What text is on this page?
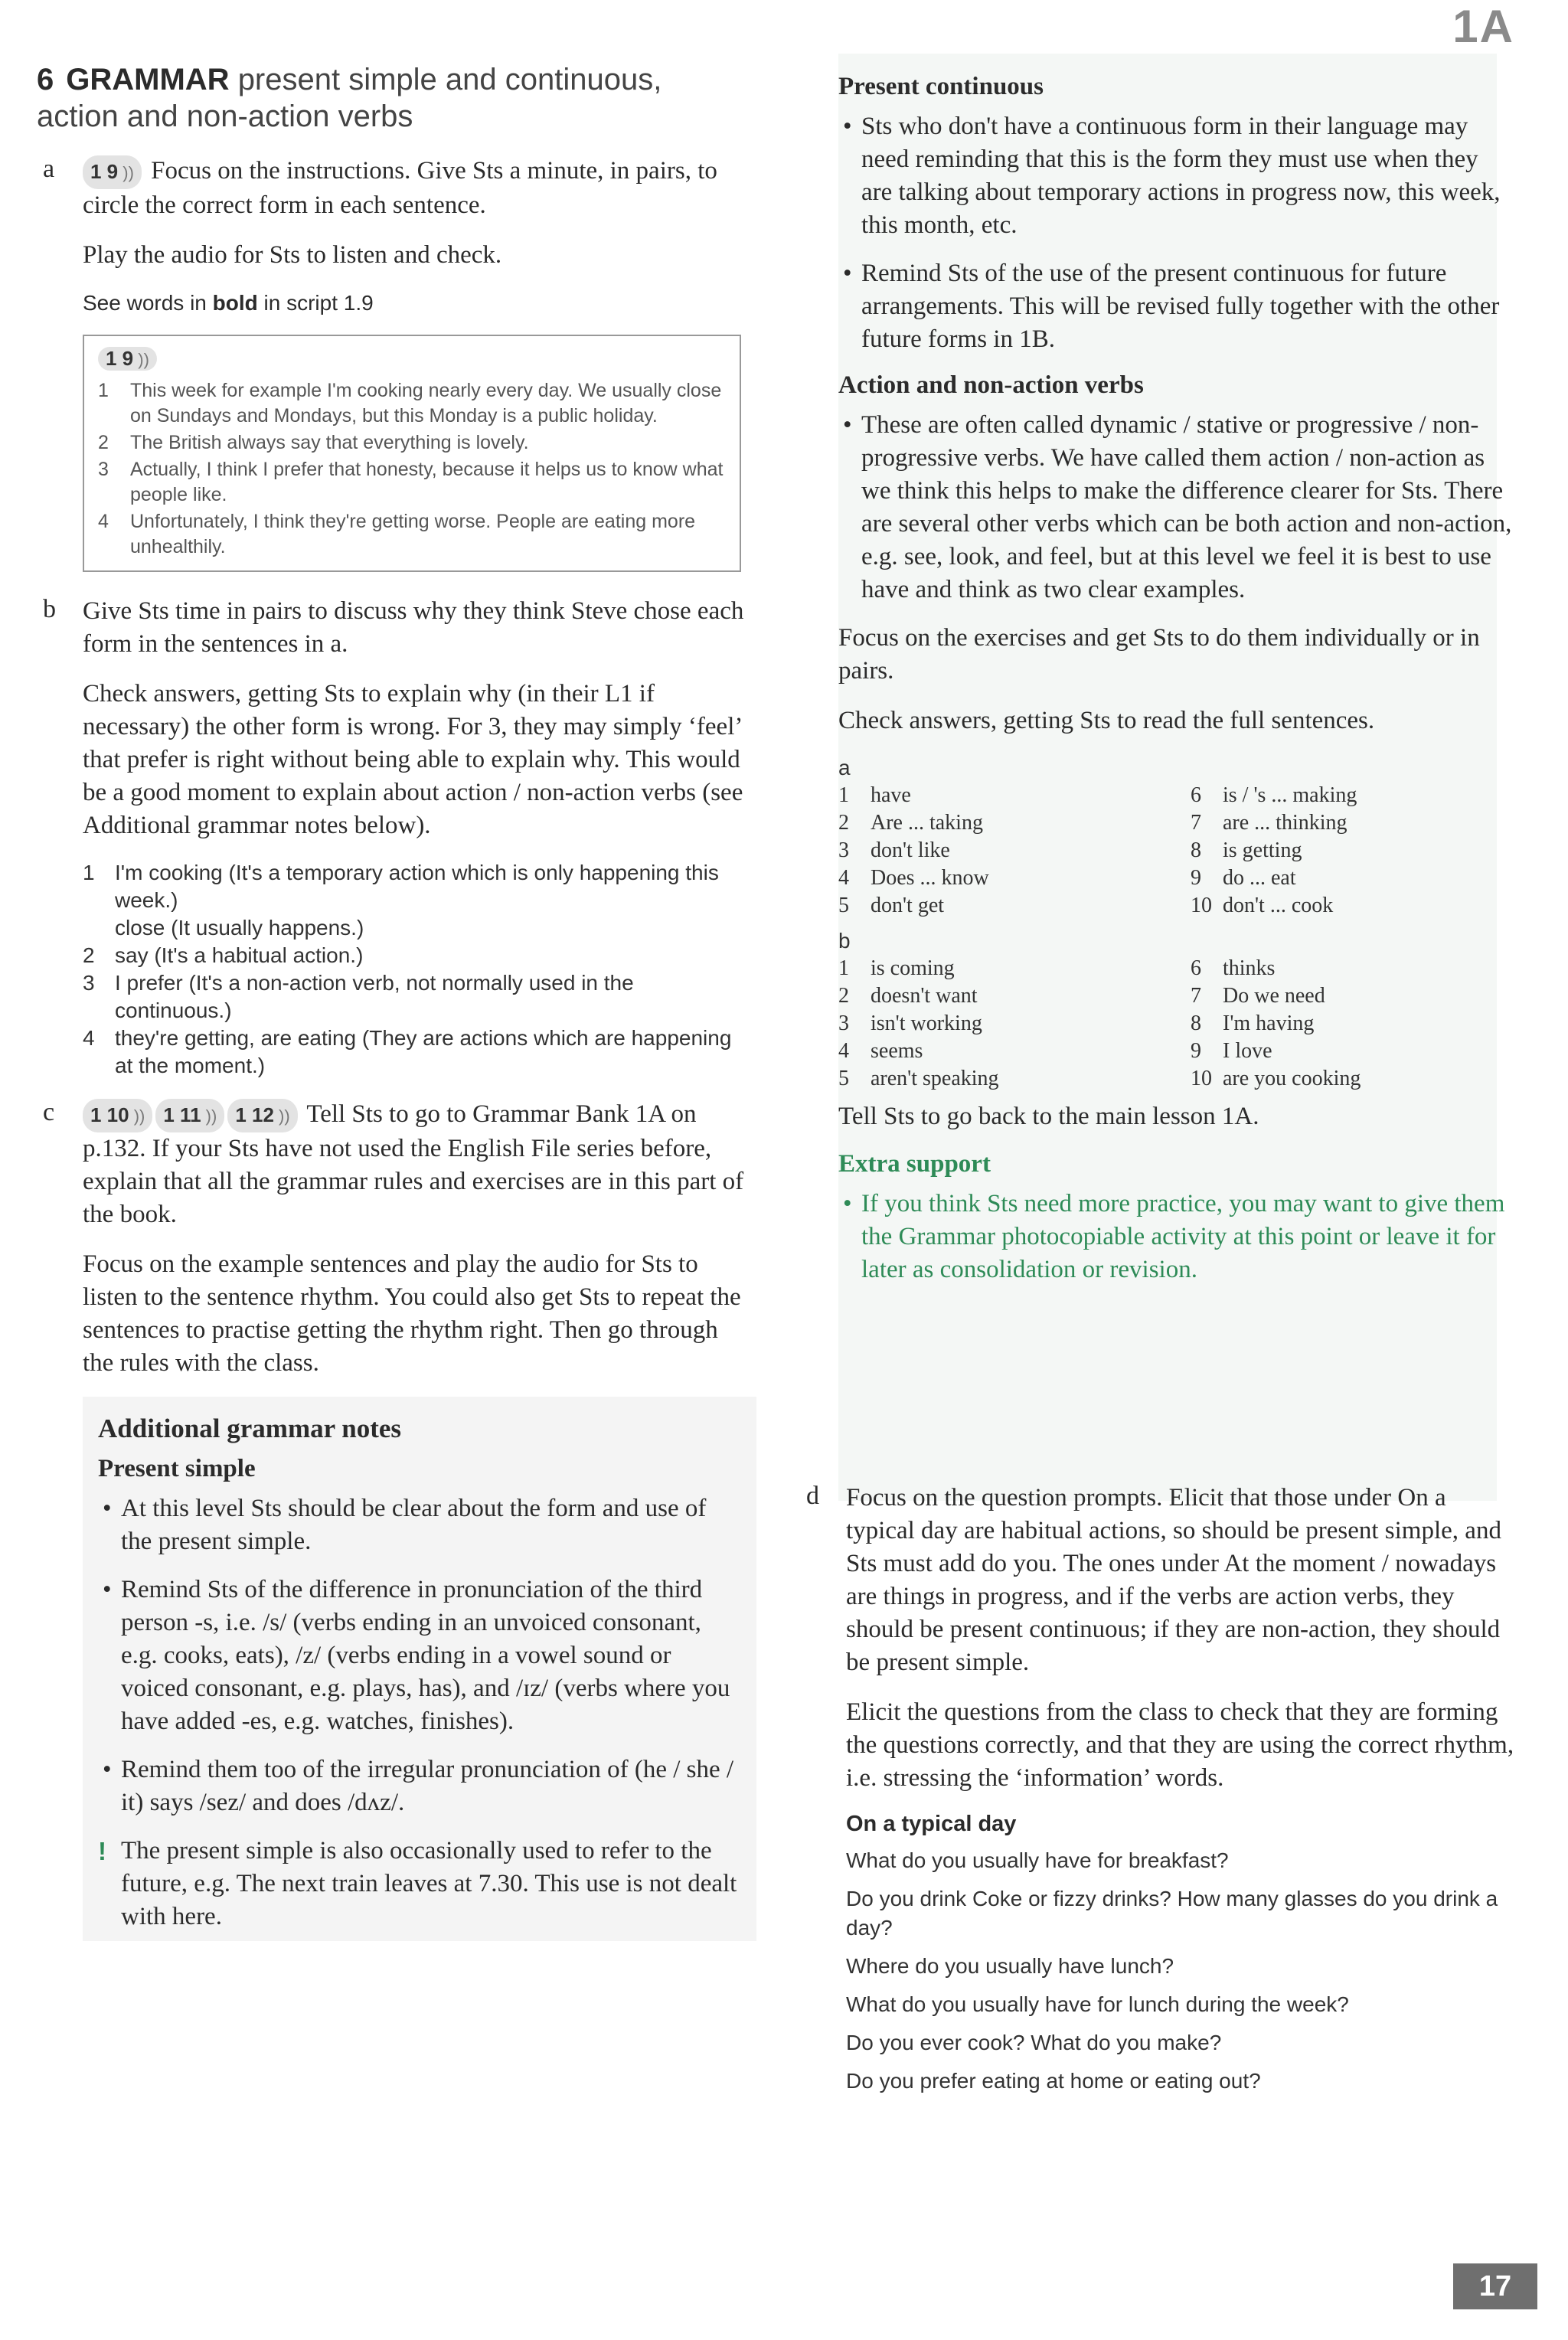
1A
6 GRAMMAR present simple and continuous, action and non-action verbs
a	1 9 )) Focus on the instructions. Give Sts a minute, in pairs, to circle the correct form in each sentence.

Play the audio for Sts to listen and check.

See words in bold in script 1.9

1 9 ))
1	This week for example I'm cooking nearly every day. We usually close on Sundays and Mondays, but this Monday is a public holiday.
2	The British always say that everything is lovely.
3	Actually, I think I prefer that honesty, because it helps us to know what people like.
4	Unfortunately, I think they're getting worse. People are eating more unhealthily.
b Give Sts time in pairs to discuss why they think Steve chose each form in the sentences in a.

Check answers, getting Sts to explain why (in their L1 if necessary) the other form is wrong. For 3, they may simply ‘feel’ that prefer is right without being able to explain why. This would be a good moment to explain about action / non-action verbs (see Additional grammar notes below).

1 I'm cooking (It's a temporary action which is only happening this week.)
close (It usually happens.)
2 say (It's a habitual action.)
3 I prefer (It's a non-action verb, not normally used in the continuous.)
4 they're getting, are eating (They are actions which are happening at the moment.)
c	1 10 )) 1 11 )) 1 12 )) Tell Sts to go to Grammar Bank 1A on p.132. If your Sts have not used the English File series before, explain that all the grammar rules and exercises are in this part of the book.

Focus on the example sentences and play the audio for Sts to listen to the sentence rhythm. You could also get Sts to repeat the sentences to practise getting the rhythm right. Then go through the rules with the class.

Additional grammar notes
Present simple
• At this level Sts should be clear about the form and use of the present simple.
• Remind Sts of the difference in pronunciation of the third person -s, i.e. /s/ (verbs ending in an unvoiced consonant, e.g. cooks, eats), /z/ (verbs ending in a vowel sound or voiced consonant, e.g. plays, has), and /ɪz/ (verbs where you have added -es, e.g. watches, finishes).
• Remind them too of the irregular pronunciation of (he / she / it) says /sez/ and does /dʌz/.
! The present simple is also occasionally used to refer to the future, e.g. The next train leaves at 7.30. This use is not dealt with here.
Present continuous
• Sts who don't have a continuous form in their language may need reminding that this is the form they must use when they are talking about temporary actions in progress now, this week, this month, etc.
• Remind Sts of the use of the present continuous for future arrangements. This will be revised fully together with the other future forms in 1B.
Action and non-action verbs
• These are often called dynamic / stative or progressive / non-progressive verbs. We have called them action / non-action as we think this helps to make the difference clearer for Sts. There are several other verbs which can be both action and non-action, e.g. see, look, and feel, but at this level we feel it is best to use have and think as two clear examples.

Focus on the exercises and get Sts to do them individually or in pairs.

Check answers, getting Sts to read the full sentences.

a
1	have
2	Are ... taking
3	don't like
4	Does ... know
5	don't get
6	is / 's ... making
7	are ... thinking
8	is getting
9	do ... eat
10 don't ... cook
b
1	is coming
2	doesn't want
3	isn't working
4	seems
5	aren't speaking
6	thinks
7	Do we need
8	I'm having
9	I love
10 are you cooking

Tell Sts to go back to the main lesson 1A.

Extra support
• If you think Sts need more practice, you may want to give them the Grammar photocopiable activity at this point or leave it for later as consolidation or revision.
d Focus on the question prompts. Elicit that those under On a typical day are habitual actions, so should be present simple, and Sts must add do you. The ones under At the moment / nowadays are things in progress, and if the verbs are action verbs, they should be present continuous; if they are non-action, they should be present simple.

Elicit the questions from the class to check that they are forming the questions correctly, and that they are using the correct rhythm, i.e. stressing the ‘information’ words.

On a typical day
What do you usually have for breakfast?
Do you drink Coke or fizzy drinks? How many glasses do you drink a day?
Where do you usually have lunch?
What do you usually have for lunch during the week?
Do you ever cook? What do you make?
Do you prefer eating at home or eating out?
17
